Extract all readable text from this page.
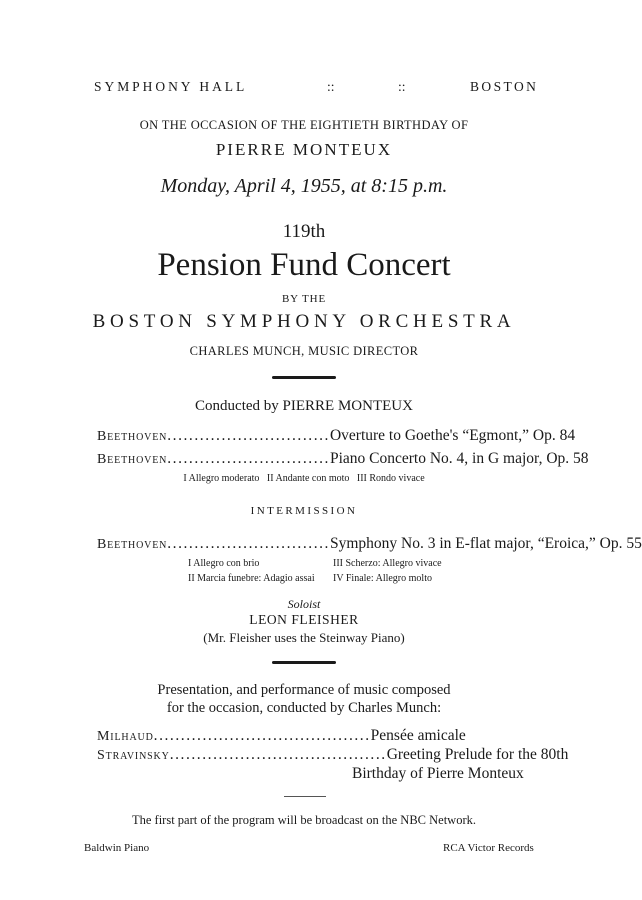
SYMPHONY HALL	::	::	BOSTON
ON THE OCCASION OF THE EIGHTIETH BIRTHDAY OF
PIERRE MONTEUX
Monday, April 4, 1955, at 8:15 p.m.
119th
Pension Fund Concert
BY THE
BOSTON SYMPHONY ORCHESTRA
CHARLES MUNCH, MUSIC DIRECTOR
Conducted by PIERRE MONTEUX
Beethoven .............................. Overture to Goethe's “Egmont,” Op. 84
Beethoven .............................. Piano Concerto No. 4, in G major, Op. 58
I Allegro moderato   II Andante con moto   III Rondo vivace
INTERMISSION
Beethoven .............................. Symphony No. 3 in E-flat major, “Eroica,” Op. 55
I Allegro con brio	III Scherzo: Allegro vivace
II Marcia funebre: Adagio assai IV Finale: Allegro molto
Soloist
LEON FLEISHER
(Mr. Fleisher uses the Steinway Piano)
Presentation, and performance of music composed
for the occasion, conducted by Charles Munch:
Milhaud ........................................ Pensée amicale
Stravinsky ........................................ Greeting Prelude for the 80th
Birthday of Pierre Monteux
The first part of the program will be broadcast on the NBC Network.
Baldwin Piano	RCA Victor Records
